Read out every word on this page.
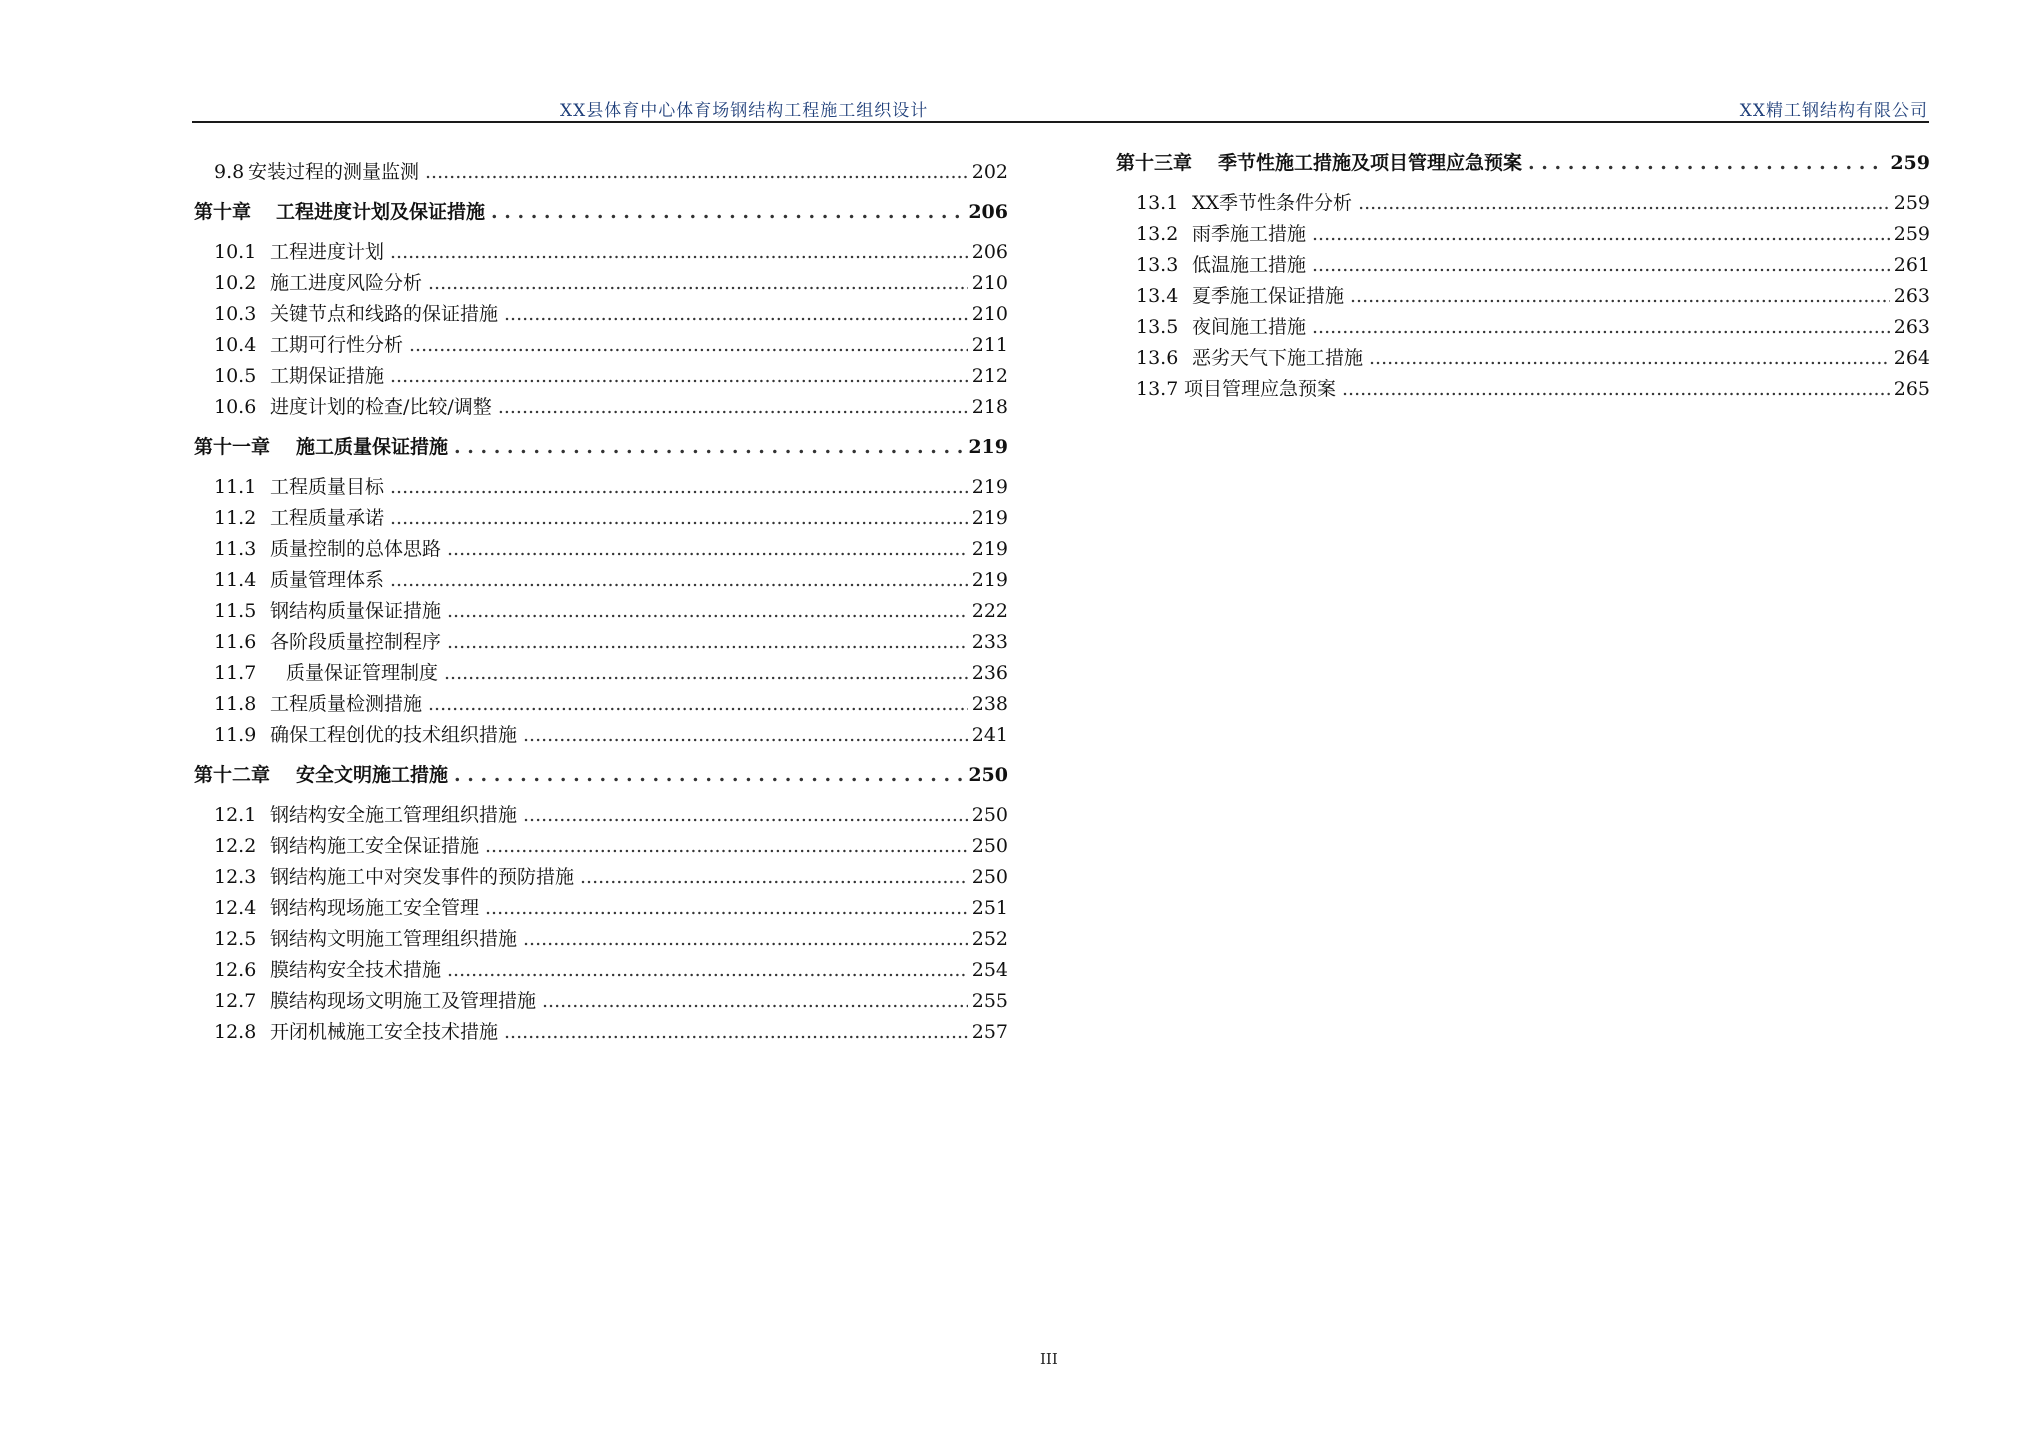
XX县体育中心体育场钢结构工程施工组织设计	XX精工钢结构有限公司
9.8 安装过程的测量监测 .....	202
第十章	工程进度计划及保证措施 . . .	206
10.1 工程进度计划 .....	206
10.2 施工进度风险分析 .....	210
10.3 关键节点和线路的保证措施 .....	210
10.4 工期可行性分析 .....	211
10.5 工期保证措施 .....	212
10.6 进度计划的检查/比较/调整 .....	218
第十一章	施工质量保证措施 . . .	219
11.1 工程质量目标 .....	219
11.2 工程质量承诺 .....	219
11.3 质量控制的总体思路 .....	219
11.4 质量管理体系 .....	219
11.5 钢结构质量保证措施 .....	222
11.6 各阶段质量控制程序 .....	233
11.7	质量保证管理制度 .....	236
11.8 工程质量检测措施 .....	238
11.9 确保工程创优的技术组织措施 .....	241
第十二章	安全文明施工措施 . . .	250
12.1 钢结构安全施工管理组织措施 .....	250
12.2 钢结构施工安全保证措施 .....	250
12.3 钢结构施工中对突发事件的预防措施 .....	250
12.4 钢结构现场施工安全管理 .....	251
12.5 钢结构文明施工管理组织措施 .....	252
12.6 膜结构安全技术措施 .....	254
12.7 膜结构现场文明施工及管理措施 .....	255
12.8 开闭机械施工安全技术措施 .....	257
第十三章	季节性施工措施及项目管理应急预案 . . .	259
13.1 XX季节性条件分析 .....	259
13.2 雨季施工措施 .....	259
13.3 低温施工措施 .....	261
13.4 夏季施工保证措施 .....	263
13.5 夜间施工措施 .....	263
13.6 恶劣天气下施工措施 .....	264
13.7 项目管理应急预案 .....	265
III
